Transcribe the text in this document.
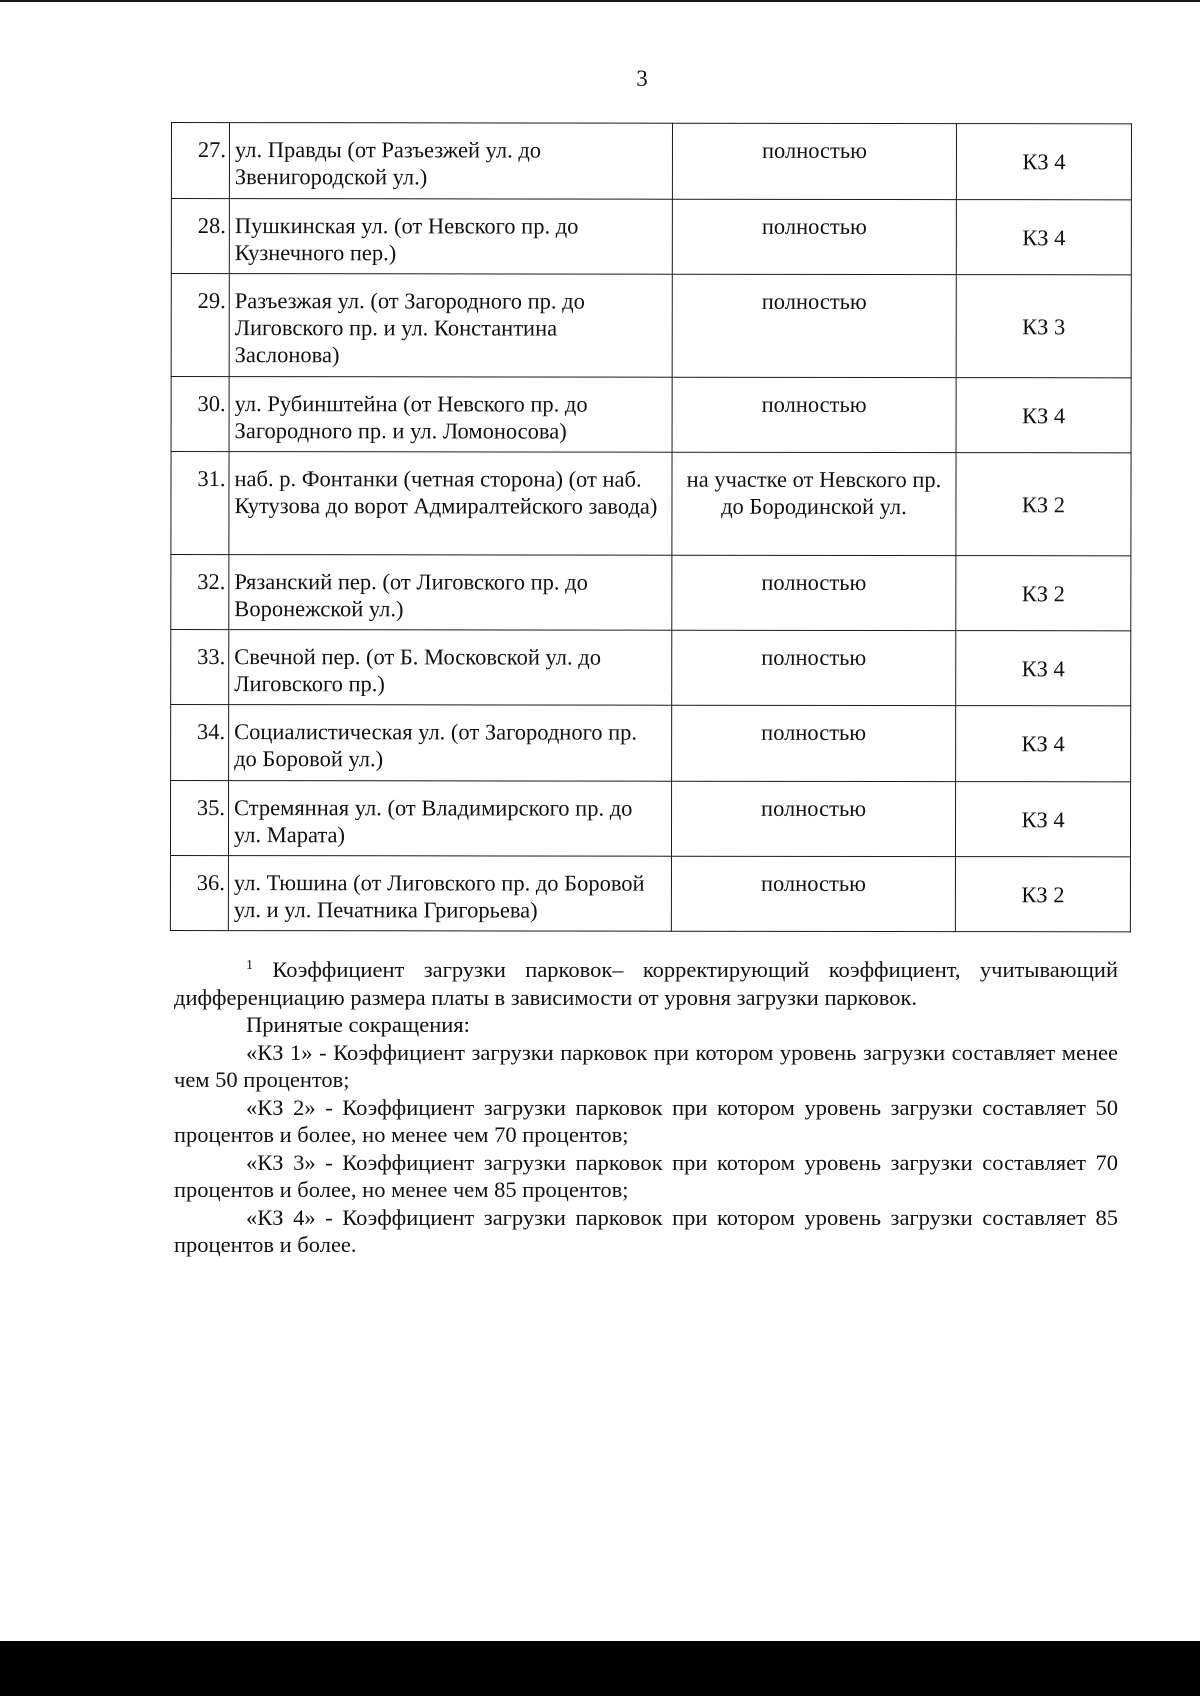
3
27.	ул. Правды (от Разъезжей ул. до Звенигородской ул.)	полностью	КЗ 4
28.	Пушкинская ул. (от Невского пр. до Кузнечного пер.)	полностью	КЗ 4
29.	Разъезжая ул. (от Загородного пр. до Лиговского пр. и ул. Константина Заслонова)	полностью	КЗ 3
30.	ул. Рубинштейна (от Невского пр. до Загородного пр. и ул. Ломоносова)	полностью	КЗ 4
31.	наб. р. Фонтанки (четная сторона) (от наб. Кутузова до ворот Адмиралтейского завода)	на участке от Невского пр. до Бородинской ул.	КЗ 2
32.	Рязанский пер. (от Лиговского пр. до Воронежской ул.)	полностью	КЗ 2
33.	Свечной пер. (от Б. Московской ул. до Лиговского пр.)	полностью	КЗ 4
34.	Социалистическая ул. (от Загородного пр. до Боровой ул.)	полностью	КЗ 4
35.	Стремянная ул. (от Владимирского пр. до ул. Марата)	полностью	КЗ 4
36.	ул. Тюшина (от Лиговского пр. до Боровой ул. и ул. Печатника Григорьева)	полностью	КЗ 2

$^1$ Коэффициент загрузки парковок– корректирующий коэффициент, учитывающий дифференциацию размера платы в зависимости от уровня загрузки парковок.

Принятые сокращения:

«КЗ 1» - Коэффициент загрузки парковок при котором уровень загрузки составляет менее чем 50 процентов;

«КЗ 2» - Коэффициент загрузки парковок при котором уровень загрузки составляет 50 процентов и более, но менее чем 70 процентов;

«КЗ 3» - Коэффициент загрузки парковок при котором уровень загрузки составляет 70 процентов и более, но менее чем 85 процентов;

«КЗ 4» - Коэффициент загрузки парковок при котором уровень загрузки составляет 85 процентов и более.
